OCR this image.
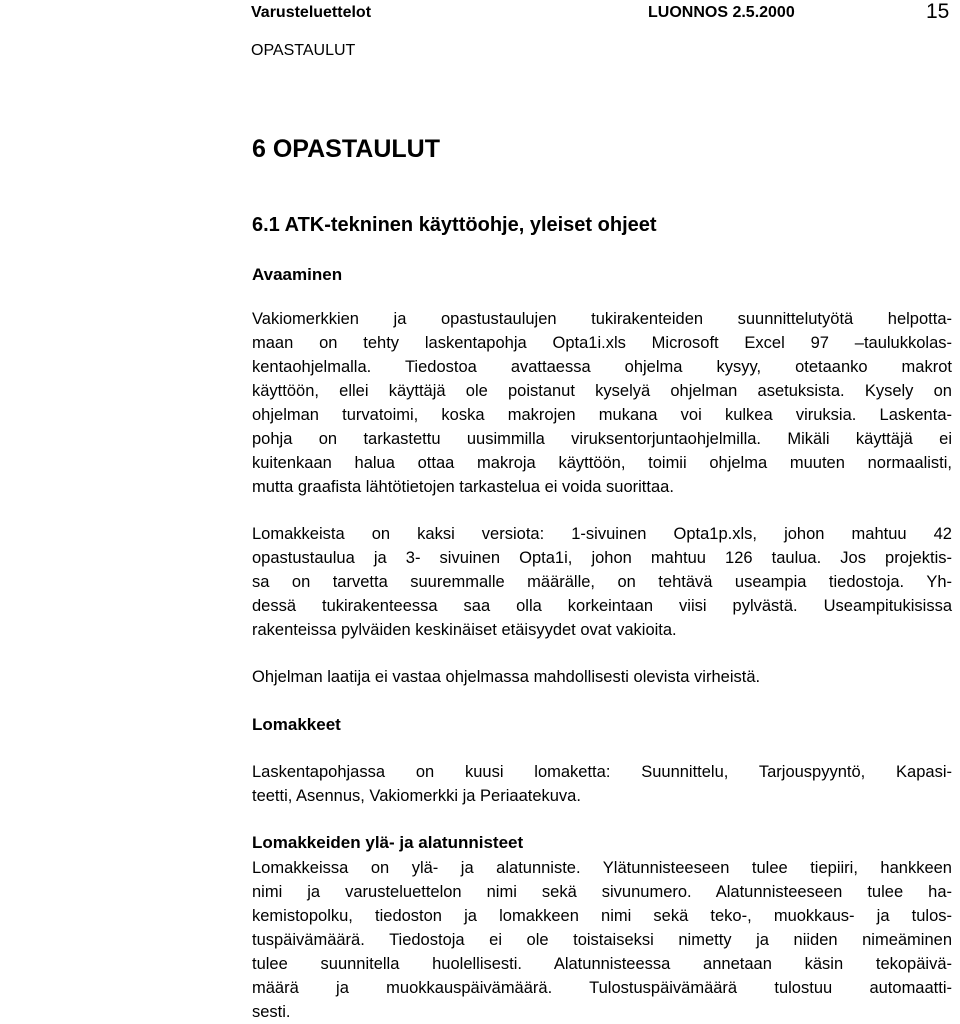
Varusteluettelot	LUONNOS 2.5.2000	15

OPASTAULUT

6 OPASTAULUT
6.1 ATK-tekninen käyttöohje, yleiset ohjeet
Avaaminen
Vakiomerkkien ja opastustaulujen tukirakenteiden suunnittelutyötä helpotta-
maan on tehty laskentapohja Opta1i.xls Microsoft Excel 97 –taulukkolas-
kentaohjelmalla. Tiedostoa avattaessa ohjelma kysyy, otetaanko makrot
käyttöön, ellei käyttäjä ole poistanut kyselyä ohjelman asetuksista. Kysely on
ohjelman turvatoimi, koska makrojen mukana voi kulkea viruksia. Laskenta-
pohja on tarkastettu uusimmilla viruksentorjuntaohjelmilla. Mikäli käyttäjä ei
kuitenkaan halua ottaa makroja käyttöön, toimii ohjelma muuten normaalisti,
mutta graafista lähtötietojen tarkastelua ei voida suorittaa.
Lomakkeista on kaksi versiota: 1-sivuinen Opta1p.xls, johon mahtuu 42
opastustaulua ja 3- sivuinen Opta1i, johon mahtuu 126 taulua. Jos projektis-
sa on tarvetta suuremmalle määrälle, on tehtävä useampia tiedostoja. Yh-
dessä tukirakenteessa saa olla korkeintaan viisi pylvästä. Useampitukisissa
rakenteissa pylväiden keskinäiset etäisyydet ovat vakioita.
Ohjelman laatija ei vastaa ohjelmassa mahdollisesti olevista virheistä.
Lomakkeet
Laskentapohjassa on kuusi lomaketta: Suunnittelu, Tarjouspyyntö, Kapasi-
teetti, Asennus, Vakiomerkki ja Periaatekuva.
Lomakkeiden ylä- ja alatunnisteet
Lomakkeissa on ylä- ja alatunniste. Ylätunnisteeseen tulee tiepiiri, hankkeen
nimi ja varusteluettelon nimi sekä sivunumero. Alatunnisteeseen tulee ha-
kemistopolku, tiedoston ja lomakkeen nimi sekä teko-, muokkaus- ja tulos-
tuspäivämäärä. Tiedostoja ei ole toistaiseksi nimetty ja niiden nimeäminen
tulee suunnitella huolellisesti. Alatunnisteessa annetaan käsin tekopäivä-
määrä ja muokkauspäivämäärä. Tulostuspäivämäärä tulostuu automaatti-
sesti.
